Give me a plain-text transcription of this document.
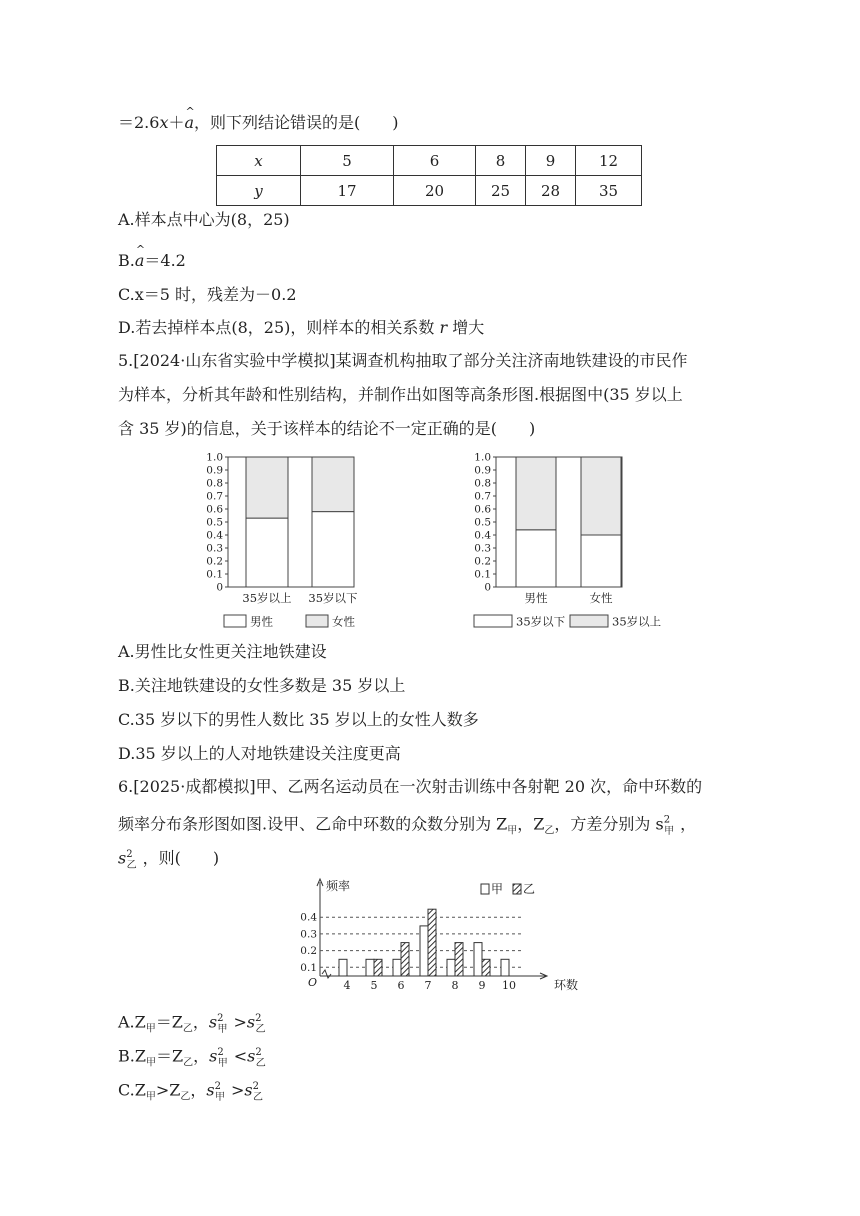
＝2.6x＋^ a，则下列结论错误的是(　　)
x	5	6	8	9	12
y	17	20	25	28	35
A.样本点中心为(8，25)
B.^ a＝4.2
C.x＝5 时，残差为－0.2
D.若去掉样本点(8，25)，则样本的相关系数 r 增大
5.[2024·山东省实验中学模拟]某调查机构抽取了部分关注济南地铁建设的市民作
为样本，分析其年龄和性别结构，并制作出如图等高条形图.根据图中(35 岁以上
含 35 岁)的信息，关于该样本的结论不一定正确的是(　　)
0
0.1
0.2
0.3
0.4
0.5
0.6
0.7
0.8
0.9
1.0
35岁以上 35岁以下
男性	女性
0
0.1
0.2
0.3
0.4
0.5
0.6
0.7
0.8
0.9
1.0
男性	女性
35岁以下	35岁以上
A.男性比女性更关注地铁建设
B.关注地铁建设的女性多数是 35 岁以上
C.35 岁以下的男性人数比 35 岁以上的女性人数多
D.35 岁以上的人对地铁建设关注度更高
6.[2025·成都模拟]甲、乙两名运动员在一次射击训练中各射靶 20 次，命中环数的
频率分布条形图如图.设甲、乙命中环数的众数分别为 $Z_甲$，$Z_乙$，方差分别为 $s^2_甲$ ，
$s^2_乙$ ，则(　　)
频率
环数
O
0.1
0.2
0.3
0.4
4 5 6 7 8 9 10
甲 乙
$A.Z_甲=Z_乙$，$s^2_甲 >s^2_乙$
$B.Z_甲=Z_乙$，$s^2_甲 <s^2_乙$
$C.Z_甲>Z_乙$，$s^2_甲 >s^2_乙$
